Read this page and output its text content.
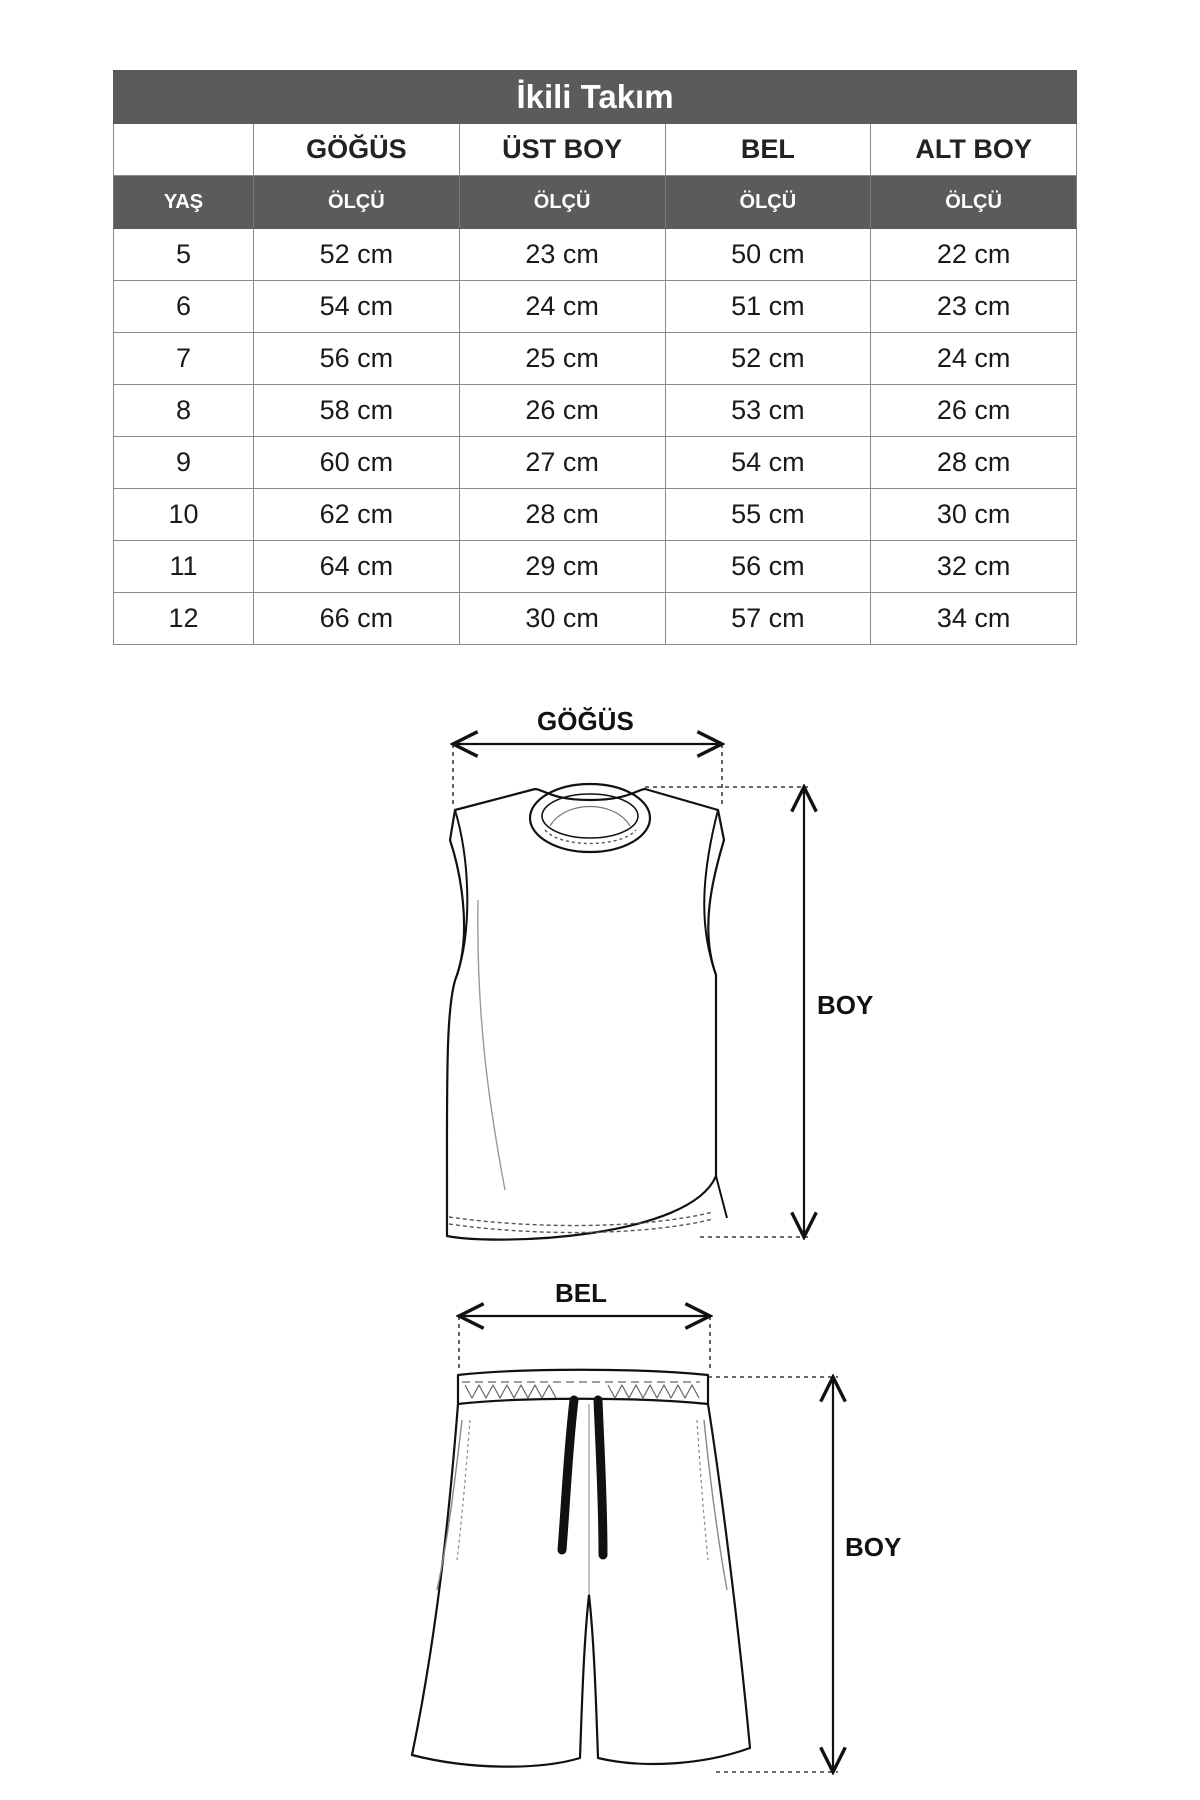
İkili Takım				
	GÖĞÜS	ÜST BOY	BEL	ALT BOY
YAŞ	ÖLÇÜ	ÖLÇÜ	ÖLÇÜ	ÖLÇÜ
5	52 cm	23 cm	50 cm	22 cm
6	54 cm	24 cm	51 cm	23 cm
7	56 cm	25 cm	52 cm	24 cm
8	58 cm	26 cm	53 cm	26 cm
9	60 cm	27 cm	54 cm	28 cm
10	62 cm	28 cm	55 cm	30 cm
11	64 cm	29 cm	56 cm	32 cm
12	66 cm	30 cm	57 cm	34 cm
GÖĞÜS
BOY
BEL
BOY
